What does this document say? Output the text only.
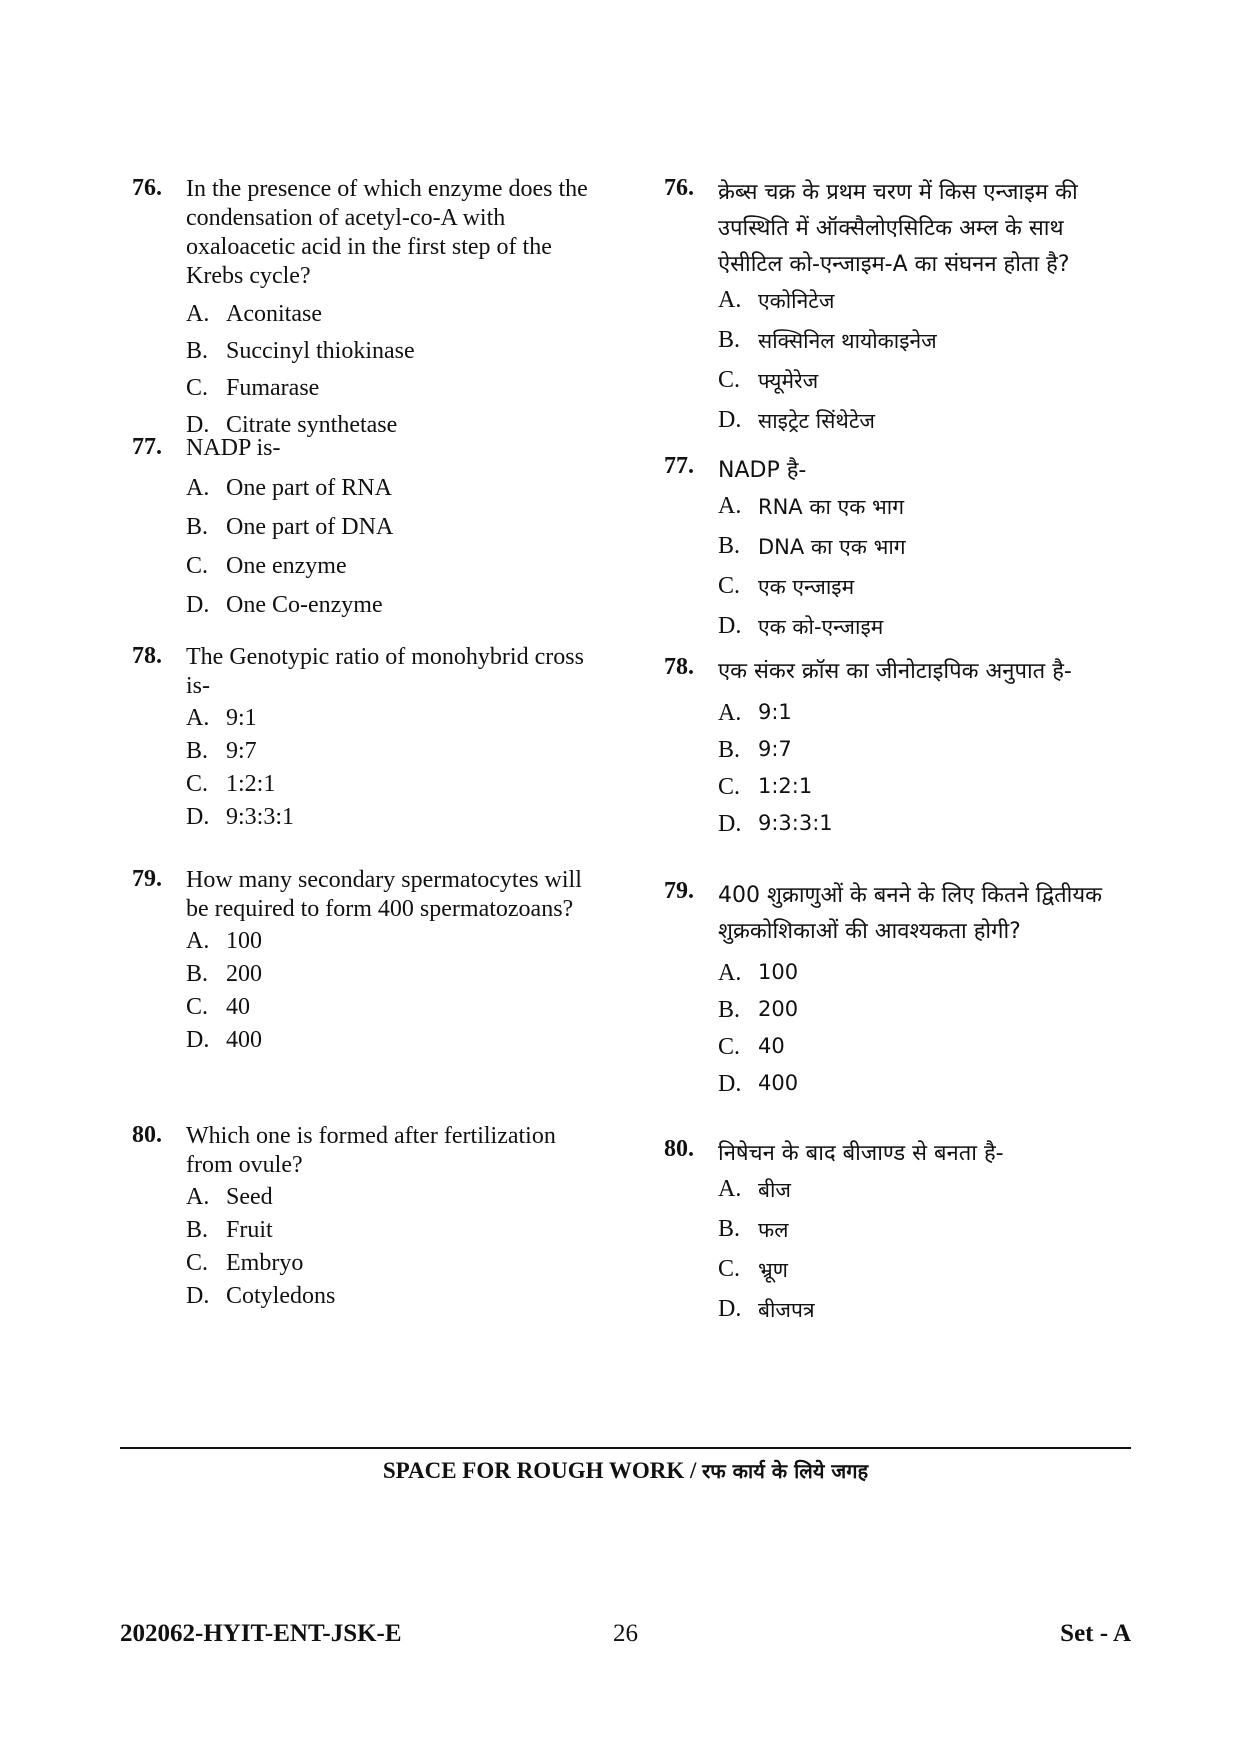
76. In the presence of which enzyme does the condensation of acetyl-co-A with oxaloacetic acid in the first step of the Krebs cycle?
A. Aconitase
B. Succinyl thiokinase
C. Fumarase
D. Citrate synthetase
77. NADP is-
A. One part of RNA
B. One part of DNA
C. One enzyme
D. One Co-enzyme
78. The Genotypic ratio of monohybrid cross is-
A. 9:1
B. 9:7
C. 1:2:1
D. 9:3:3:1
79. How many secondary spermatocytes will be required to form 400 spermatozoans?
A. 100
B. 200
C. 40
D. 400
80. Which one is formed after fertilization from ovule?
A. Seed
B. Fruit
C. Embryo
D. Cotyledons
76. क्रेब्स चक्र के प्रथम चरण में किस एन्जाइम की उपस्थिति में ऑक्सैलोएसिटिक अम्ल के साथ ऐसीटिल को-एन्जाइम-A का संघनन होता है?
A. एकोनिटेज
B. सक्सिनिल थायोकाइनेज
C. फ्यूमेरेज
D. साइट्रेट सिंथेटेज
77. NADP है-
A. RNA का एक भाग
B. DNA का एक भाग
C. एक एन्जाइम
D. एक को-एन्जाइम
78. एक संकर क्रॉस का जीनोटाइपिक अनुपात है-
A. 9:1
B. 9:7
C. 1:2:1
D. 9:3:3:1
79. 400 शुक्राणुओं के बनने के लिए कितने द्वितीयक शुक्रकोशिकाओं की आवश्यकता होगी?
A. 100
B. 200
C. 40
D. 400
80. निषेचन के बाद बीजाण्ड से बनता है-
A. बीज
B. फल
C. भ्रूण
D. बीजपत्र
SPACE FOR ROUGH WORK / रफ कार्य के लिये जगह
202062-HYIT-ENT-JSK-E	26	Set - A
